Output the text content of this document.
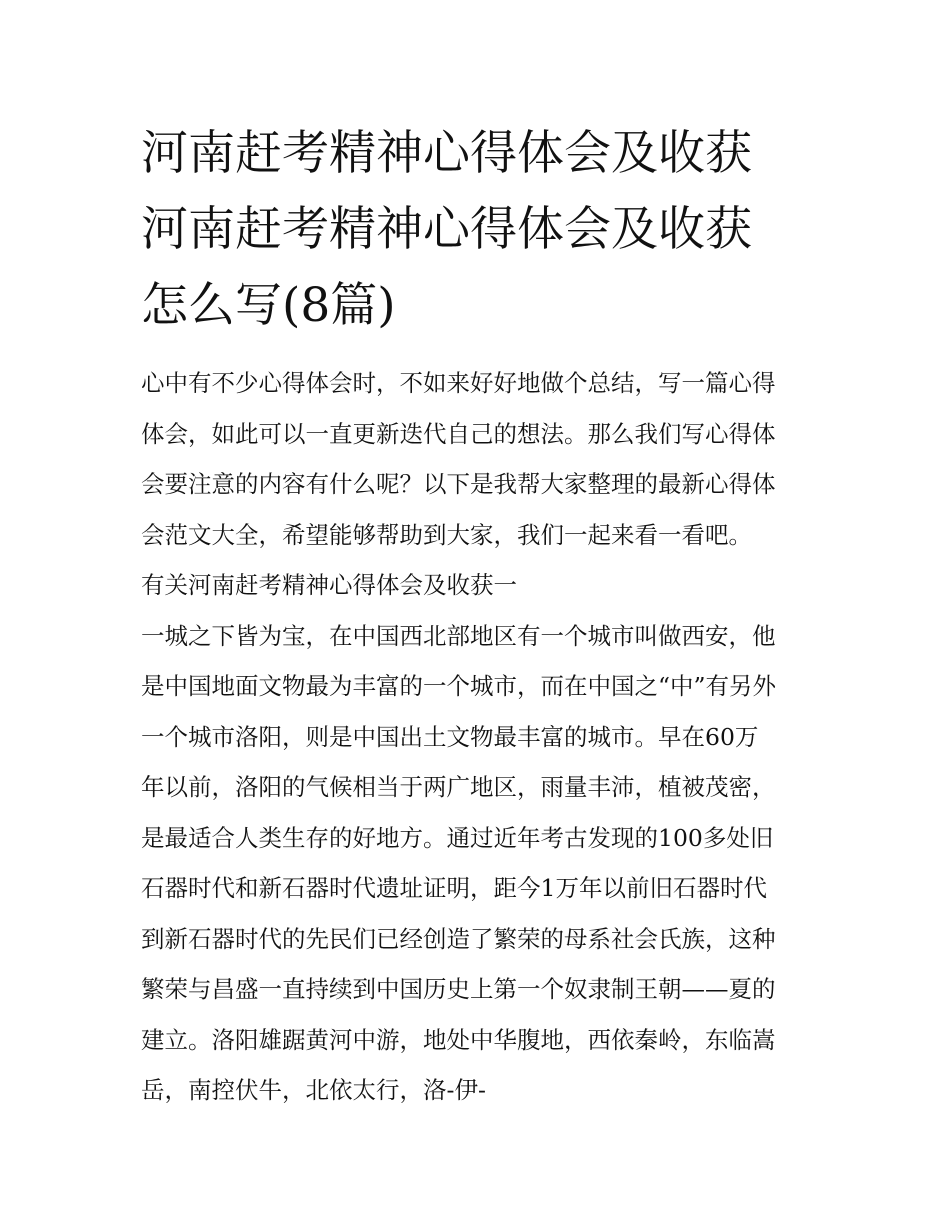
河南赶考精神心得体会及收获
河南赶考精神心得体会及收获
怎么写(8篇)
心中有不少心得体会时，不如来好好地做个总结，写一篇心得
体会，如此可以一直更新迭代自己的想法。那么我们写心得体
会要注意的内容有什么呢？以下是我帮大家整理的最新心得体
会范文大全，希望能够帮助到大家，我们一起来看一看吧。
有关河南赶考精神心得体会及收获一
一城之下皆为宝，在中国西北部地区有一个城市叫做西安，他
是中国地面文物最为丰富的一个城市，而在中国之“中”有另外
一个城市洛阳，则是中国出土文物最丰富的城市。早在60万
年以前，洛阳的气候相当于两广地区，雨量丰沛，植被茂密，
是最适合人类生存的好地方。通过近年考古发现的100多处旧
石器时代和新石器时代遗址证明，距今1万年以前旧石器时代
到新石器时代的先民们已经创造了繁荣的母系社会氏族，这种
繁荣与昌盛一直持续到中国历史上第一个奴隶制王朝——夏的
建立。洛阳雄踞黄河中游，地处中华腹地，西依秦岭，东临嵩
岳，南控伏牛，北依太行，洛-伊-
